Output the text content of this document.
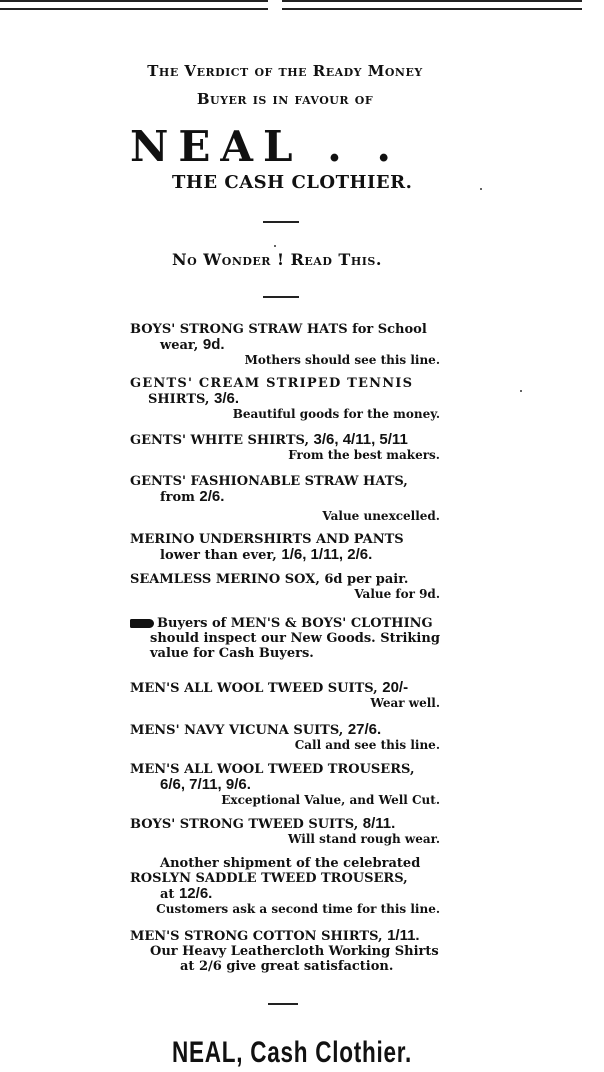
The Verdict of the Ready Money
Buyer is in favour of
NEAL . .
THE CASH CLOTHIER.
No Wonder ! Read This.
BOYS' STRONG STRAW HATS for School
wear, 9d.
Mothers should see this line.
GENTS' CREAM STRIPED TENNIS
SHIRTS, 3/6.
Beautiful goods for the money.
GENTS' WHITE SHIRTS, 3/6, 4/11, 5/11
From the best makers.
GENTS' FASHIONABLE STRAW HATS,
from 2/6.
Value unexcelled.
MERINO UNDERSHIRTS AND PANTS
lower than ever, 1/6, 1/11, 2/6.
SEAMLESS MERINO SOX, 6d per pair.
Value for 9d.
Buyers of MEN'S & BOYS' CLOTHING
should inspect our New Goods. Striking
value for Cash Buyers.
MEN'S ALL WOOL TWEED SUITS, 20/-
Wear well.
MENS' NAVY VICUNA SUITS, 27/6.
Call and see this line.
MEN'S ALL WOOL TWEED TROUSERS,
6/6, 7/11, 9/6.
Exceptional Value, and Well Cut.
BOYS' STRONG TWEED SUITS, 8/11.
Will stand rough wear.
Another shipment of the celebrated
ROSLYN SADDLE TWEED TROUSERS,
at 12/6.
Customers ask a second time for this line.
MEN'S STRONG COTTON SHIRTS, 1/11.
Our Heavy Leathercloth Working Shirts
at 2/6 give great satisfaction.
NEAL, Cash Clothier.
